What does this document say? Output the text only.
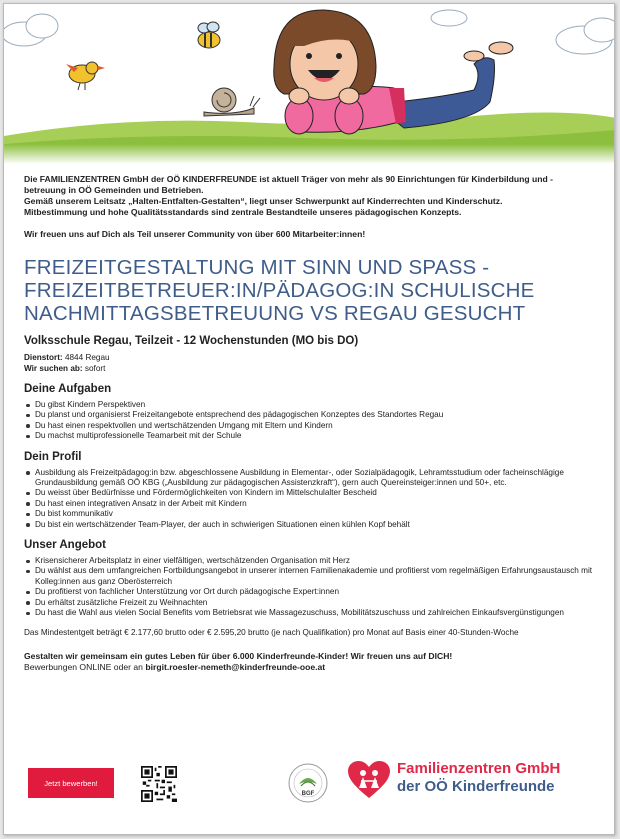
Die FAMILIENZENTREN GmbH der OÖ KINDERFREUNDE ist aktuell Träger von mehr als 90 Einrichtungen für Kinderbildung und -

betreuung in OÖ Gemeinden und Betrieben.

Gemäß unserem Leitsatz „Halten-Entfalten-Gestalten“, liegt unser Schwerpunkt auf Kinderrechten und Kinderschutz.

Mitbestimmung und hohe Qualitätsstandards sind zentrale Bestandteile unseres pädagogischen Konzepts.

Wir freuen uns auf Dich als Teil unserer Community von über 600 Mitarbeiter:innen!

FREIZEITGESTALTUNG MIT SINN UND SPASS -
FREIZEITBETREUER:IN/PÄDAGOG:IN SCHULISCHE
NACHMITTAGSBETREUUNG VS REGAU GESUCHT
Volksschule Regau, Teilzeit - 12 Wochenstunden (MO bis DO)
Dienstort: 4844 Regau
Wir suchen ab: sofort
Deine Aufgaben
Du gibst Kindern Perspektiven
Du planst und organisierst Freizeitangebote entsprechend des pädagogischen Konzeptes des Standortes Regau
Du hast einen respektvollen und wertschätzenden Umgang mit Eltern und Kindern
Du machst multiprofessionelle Teamarbeit mit der Schule
Dein Profil
Ausbildung als Freizeitpädagog:in bzw. abgeschlossene Ausbildung in Elementar-, oder Sozialpädagogik, Lehramtsstudium oder facheinschlägige Grundausbildung gemäß OÖ KBG („Ausbildung zur pädagogischen Assistenzkraft“), gern auch Quereinsteiger:innen und 50+, etc.
Du weisst über Bedürfnisse und Fördermöglichkeiten von Kindern im Mittelschulalter Bescheid
Du hast einen integrativen Ansatz in der Arbeit mit Kindern
Du bist kommunikativ
Du bist ein wertschätzender Team-Player, der auch in schwierigen Situationen einen kühlen Kopf behält
Unser Angebot
Krisensicherer Arbeitsplatz in einer vielfältigen, wertschätzenden Organisation mit Herz
Du wählst aus dem umfangreichen Fortbildungsangebot in unserer internen Familienakademie und profitierst vom regelmäßigen Erfahrungsaustausch mit Kolleg:innen aus ganz Oberösterreich
Du profitierst von fachlicher Unterstützung vor Ort durch pädagogische Expert:innen
Du erhältst zusätzliche Freizeit zu Weihnachten
Du hast die Wahl aus vielen Social Benefits vom Betriebsrat wie Massagezuschuss, Mobilitätszuschuss und zahlreichen Einkaufsvergünstigungen

Das Mindestentgelt beträgt € 2.177,60 brutto oder € 2.595,20 brutto (je nach Qualifikation) pro Monat auf Basis einer 40-Stunden-Woche

Gestalten wir gemeinsam ein gutes Leben für über 6.000 Kinderfreunde-Kinder! Wir freuen uns auf DICH!
Bewerbungen ONLINE oder an birgit.roesler-nemeth@kinderfreunde-ooe.at
Jetzt bewerben!
BGF
Familienzentren GmbH
der OÖ Kinderfreunde
